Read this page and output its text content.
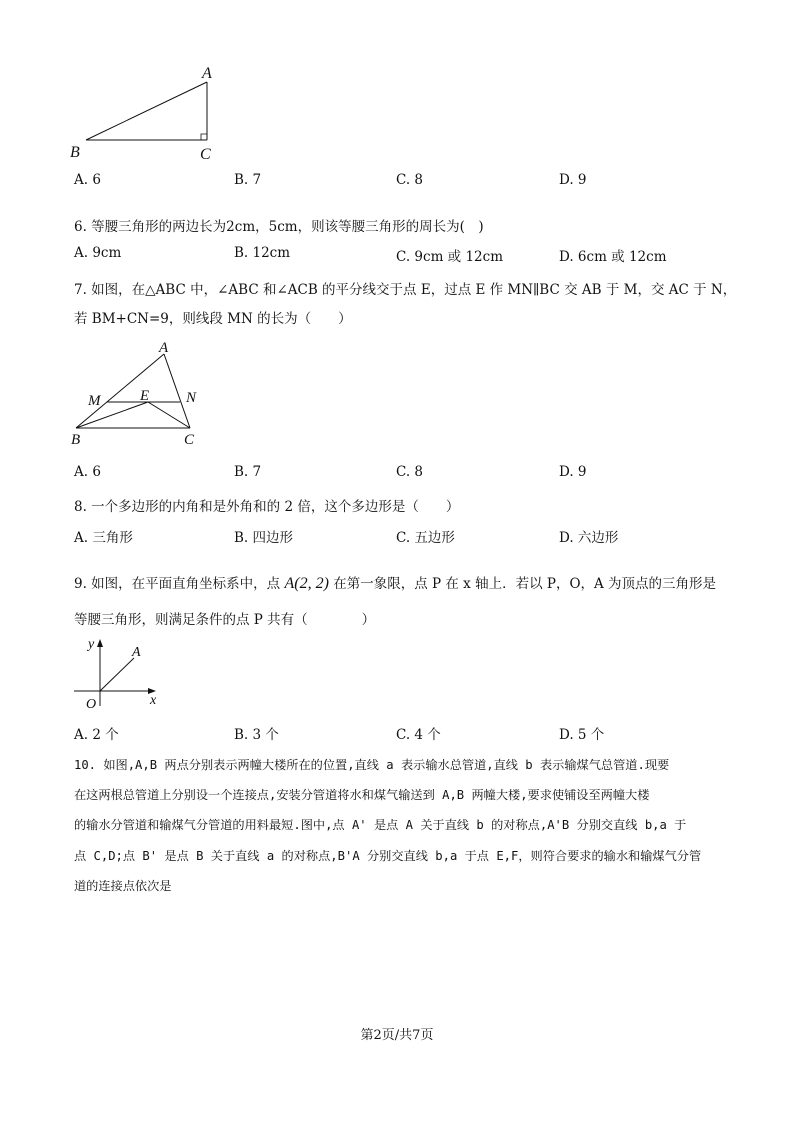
A
B	C
A. 6	B. 7	C. 8	D. 9
6. 等腰三角形的两边长为2cm，5cm，则该等腰三角形的周长为(　)
A. 9cm	B. 12cm	C. 9cm 或 12cm	D. 6cm 或 12cm
7. 如图，在△ABC 中，∠ABC 和∠ACB 的平分线交于点 E，过点 E 作 MN∥BC 交 AB 于 M，交 AC 于 N，
若 BM+CN=9，则线段 MN 的长为（　　）
A
M	E N
B	C
A. 6	B. 7	C. 8	D. 9
8. 一个多边形的内角和是外角和的 2 倍，这个多边形是（　　）
A. 三角形	B. 四边形	C. 五边形	D. 六边形
9. 如图，在平面直角坐标系中，点 A(2, 2) 在第一象限，点 P 在 x 轴上．若以 P，O，A 为顶点的三角形是
等腰三角形，则满足条件的点 P 共有（　　　　）
y
A
O	x
A. 2 个	B. 3 个	C. 4 个	D. 5 个
10. 如图,A,B 两点分别表示两幢大楼所在的位置,直线 a 表示输水总管道,直线 b 表示输煤气总管道.现要
在这两根总管道上分别设一个连接点,安装分管道将水和煤气输送到 A,B 两幢大楼,要求使铺设至两幢大楼
的输水分管道和输煤气分管道的用料最短.图中,点 A' 是点 A 关于直线 b 的对称点,A'B 分别交直线 b,a 于
点 C,D;点 B' 是点 B 关于直线 a 的对称点,B'A 分别交直线 b,a 于点 E,F，则符合要求的输水和输煤气分管
道的连接点依次是
第2页/共7页
